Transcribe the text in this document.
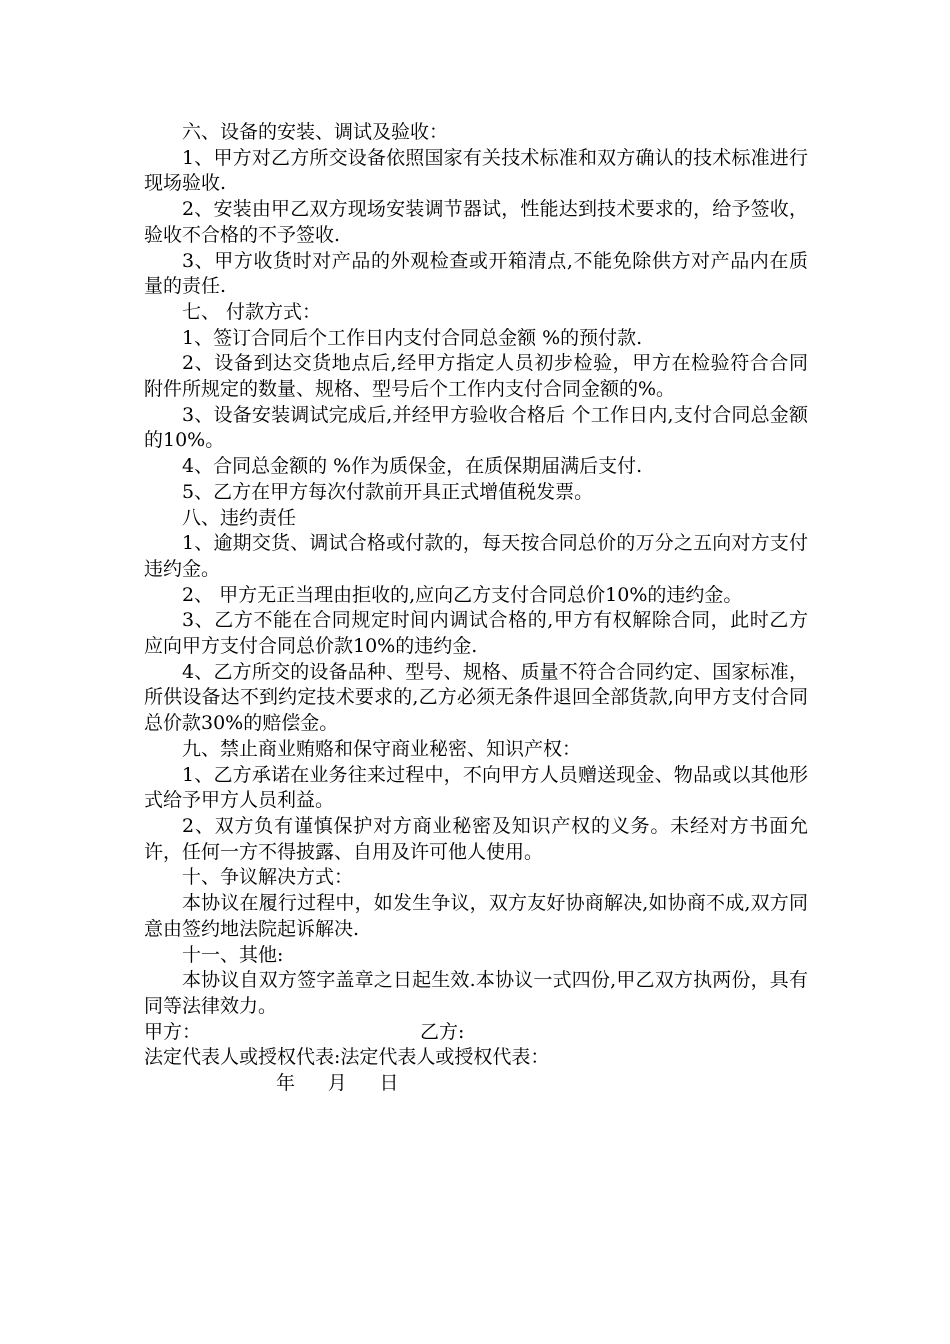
六、设备的安装、调试及验收：

1、甲方对乙方所交设备依照国家有关技术标准和双方确认的技术标准进行现场验收.

2、安装由甲乙双方现场安装调节器试，性能达到技术要求的，给予签收，验收不合格的不予签收.

3、甲方收货时对产品的外观检查或开箱清点,不能免除供方对产品内在质量的责任.

七、 付款方式：

1、签订合同后个工作日内支付合同总金额 %的预付款.

2、设备到达交货地点后,经甲方指定人员初步检验，甲方在检验符合合同附件所规定的数量、规格、型号后个工作内支付合同金额的%。

3、设备安装调试完成后,并经甲方验收合格后 个工作日内,支付合同总金额的10%。

4、合同总金额的 %作为质保金，在质保期届满后支付.

5、乙方在甲方每次付款前开具正式增值税发票。

八、违约责任

1、逾期交货、调试合格或付款的，每天按合同总价的万分之五向对方支付违约金。

2、 甲方无正当理由拒收的,应向乙方支付合同总价10%的违约金。

3、乙方不能在合同规定时间内调试合格的,甲方有权解除合同，此时乙方应向甲方支付合同总价款10%的违约金.

4、乙方所交的设备品种、型号、规格、质量不符合合同约定、国家标准，所供设备达不到约定技术要求的,乙方必须无条件退回全部货款,向甲方支付合同总价款30%的赔偿金。

九、禁止商业贿赂和保守商业秘密、知识产权：

1、乙方承诺在业务往来过程中，不向甲方人员赠送现金、物品或以其他形式给予甲方人员利益。

2、双方负有谨慎保护对方商业秘密及知识产权的义务。未经对方书面允许，任何一方不得披露、自用及许可他人使用。

十、争议解决方式：

本协议在履行过程中，如发生争议，双方友好协商解决,如协商不成,双方同意由签约地法院起诉解决.

十一、其他:

本协议自双方签字盖章之日起生效.本协议一式四份,甲乙双方执两份，具有同等法律效力。

甲方：	乙方:
法定代表人或授权代表: 法定代表人或授权代表：
年 月 日
